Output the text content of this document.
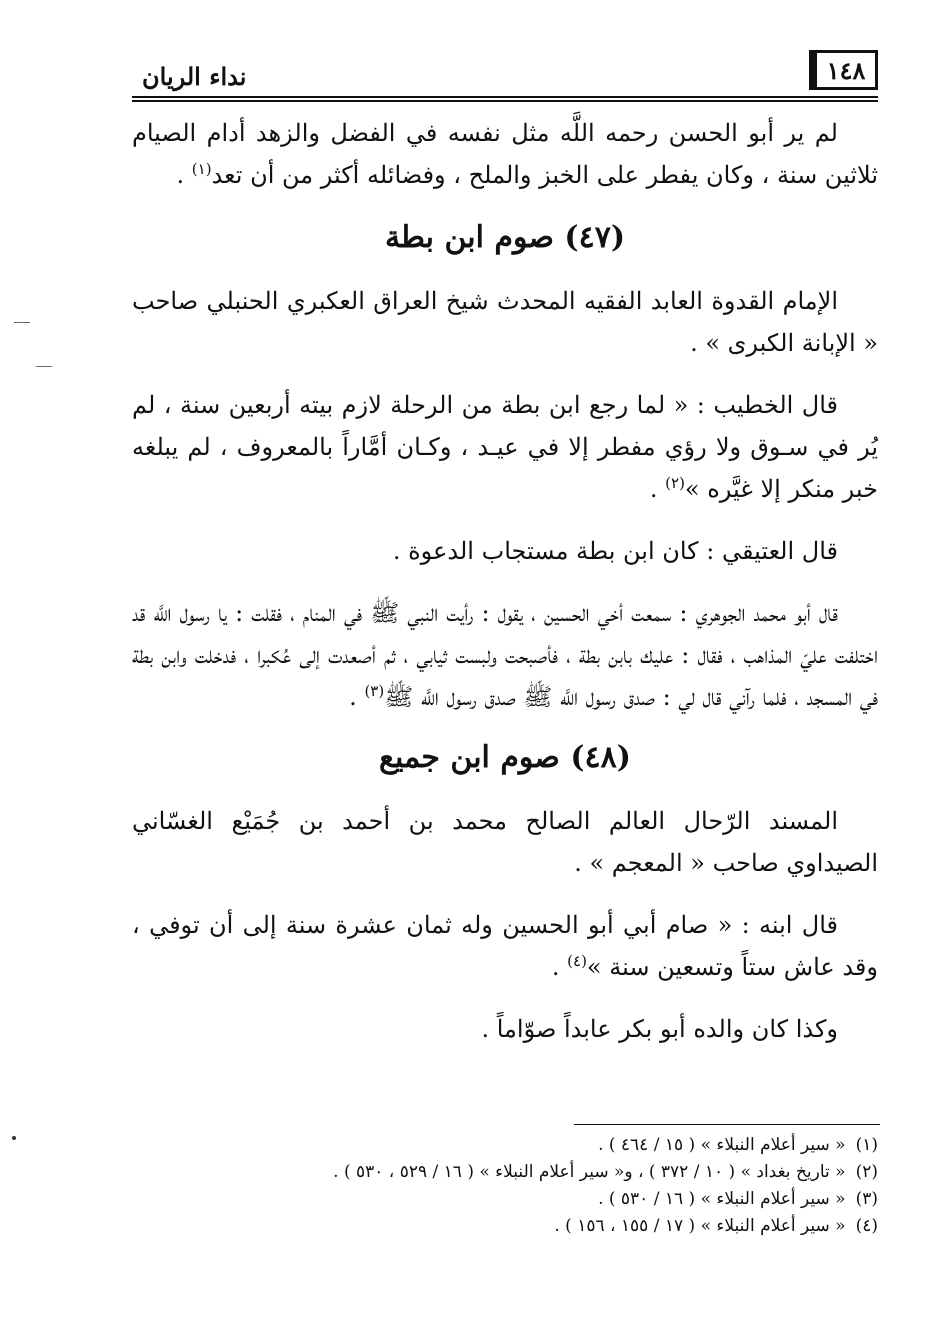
١٤٨
نداء الريان

لم ير أبو الحسن رحمه اللَّه مثل نفسه في الفضل والزهد أدام الصيام ثلاثين سنة ، وكان يفطر على الخبز والملح ، وفضائله أكثر من أن تعد$^{(١)}$ .

(٤٧) صوم ابن بطة

الإمام القدوة العابد الفقيه المحدث شيخ العراق العكبري الحنبلي صاحب « الإبانة الكبرى » .

قال الخطيب : « لما رجع ابن بطة من الرحلة لازم بيته أربعين سنة ، لم يُر في سـوق ولا رؤي مفطر إلا في عيـد ، وكـان أمَّاراً بالمعروف ، لم يبلغه خبر منكر إلا غيَّره »$^{(٢)}$ .

قال العتيقي : كان ابن بطة مستجاب الدعوة .

قال أبو محمد الجوهري : سمعت أخي الحسين ، يقول : رأيت النبي ﷺ في المنام ، فقلت : يا رسول اللَّه قد اختلفت عليّ المذاهب ، فقال : عليك بابن بطة ، فأصبحت ولبست ثيابي ، ثم أصعدت إلى عُكبرا ، فدخلت وابن بطة في المسجد ، فلما رآني قال لي : صدق رسول اللَّه ﷺ صدق رسول اللَّه ﷺ$^{(٣)}$ .

(٤٨) صوم ابن جميع

المسند الرّحال العالم الصالح محمد بن أحمد بن جُمَيْع الغسّاني الصيداوي صاحب « المعجم » .

قال ابنه : « صام أبي أبو الحسين وله ثمان عشرة سنة إلى أن توفي ، وقد عاش ستاً وتسعين سنة »$^{(٤)}$ .

وكذا كان والده أبو بكر عابداً صوّاماً .

(١)« سير أعلام النبلاء » ( ١٥ / ٤٦٤ ) .
(٢)« تاريخ بغداد » ( ١٠ / ٣٧٢ ) ، و« سير أعلام النبلاء » ( ١٦ / ٥٢٩ ، ٥٣٠ ) .
(٣)« سير أعلام النبلاء » ( ١٦ / ٥٣٠ ) .
(٤)« سير أعلام النبلاء » ( ١٧ / ١٥٥ ، ١٥٦ ) .
